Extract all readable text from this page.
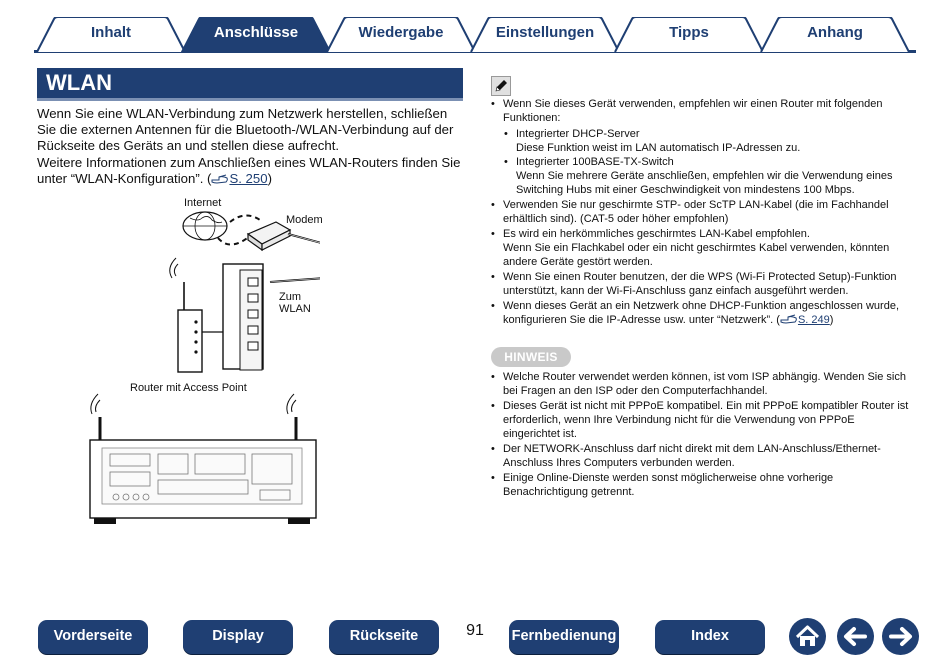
Inhalt	Anschlüsse	Wiedergabe	Einstellungen	Tipps	Anhang
WLAN

Wenn Sie eine WLAN-Verbindung zum Netzwerk herstellen, schließen Sie die externen Antennen für die Bluetooth-/WLAN-Verbindung auf der Rückseite des Geräts an und stellen diese aufrecht.

Weitere Informationen zum Anschließen eines WLAN-Routers finden Sie unter “WLAN-Konfiguration”. ( S. 250)

Internet
Modem
Zum WLAN
Router mit Access Point
• Wenn Sie dieses Gerät verwenden, empfehlen wir einen Router mit folgenden Funktionen:
• Integrierter DHCP-Server
Diese Funktion weist im LAN automatisch IP-Adressen zu.
• Integrierter 100BASE-TX-Switch
Wenn Sie mehrere Geräte anschließen, empfehlen wir die Verwendung eines Switching Hubs mit einer Geschwindigkeit von mindestens 100 Mbps.
• Verwenden Sie nur geschirmte STP- oder ScTP LAN-Kabel (die im Fachhandel erhältlich sind). (CAT-5 oder höher empfohlen)
• Es wird ein herkömmliches geschirmtes LAN-Kabel empfohlen.
Wenn Sie ein Flachkabel oder ein nicht geschirmtes Kabel verwenden, könnten andere Geräte gestört werden.
• Wenn Sie einen Router benutzen, der die WPS (Wi-Fi Protected Setup)-Funktion unterstützt, kann der Wi-Fi-Anschluss ganz einfach ausgeführt werden.
• Wenn dieses Gerät an ein Netzwerk ohne DHCP-Funktion angeschlossen wurde, konfigurieren Sie die IP-Adresse usw. unter “Netzwerk”. ( S. 249)
HINWEIS
• Welche Router verwendet werden können, ist vom ISP abhängig. Wenden Sie sich bei Fragen an den ISP oder den Computerfachhandel.
• Dieses Gerät ist nicht mit PPPoE kompatibel. Ein mit PPPoE kompatibler Router ist erforderlich, wenn Ihre Verbindung nicht für die Verwendung von PPPoE eingerichtet ist.
• Der NETWORK-Anschluss darf nicht direkt mit dem LAN-Anschluss/Ethernet-Anschluss Ihres Computers verbunden werden.
• Einige Online-Dienste werden sonst möglicherweise ohne vorherige Benachrichtigung getrennt.
Vorderseite	Display	Rückseite	91	Fernbedienung	Index
